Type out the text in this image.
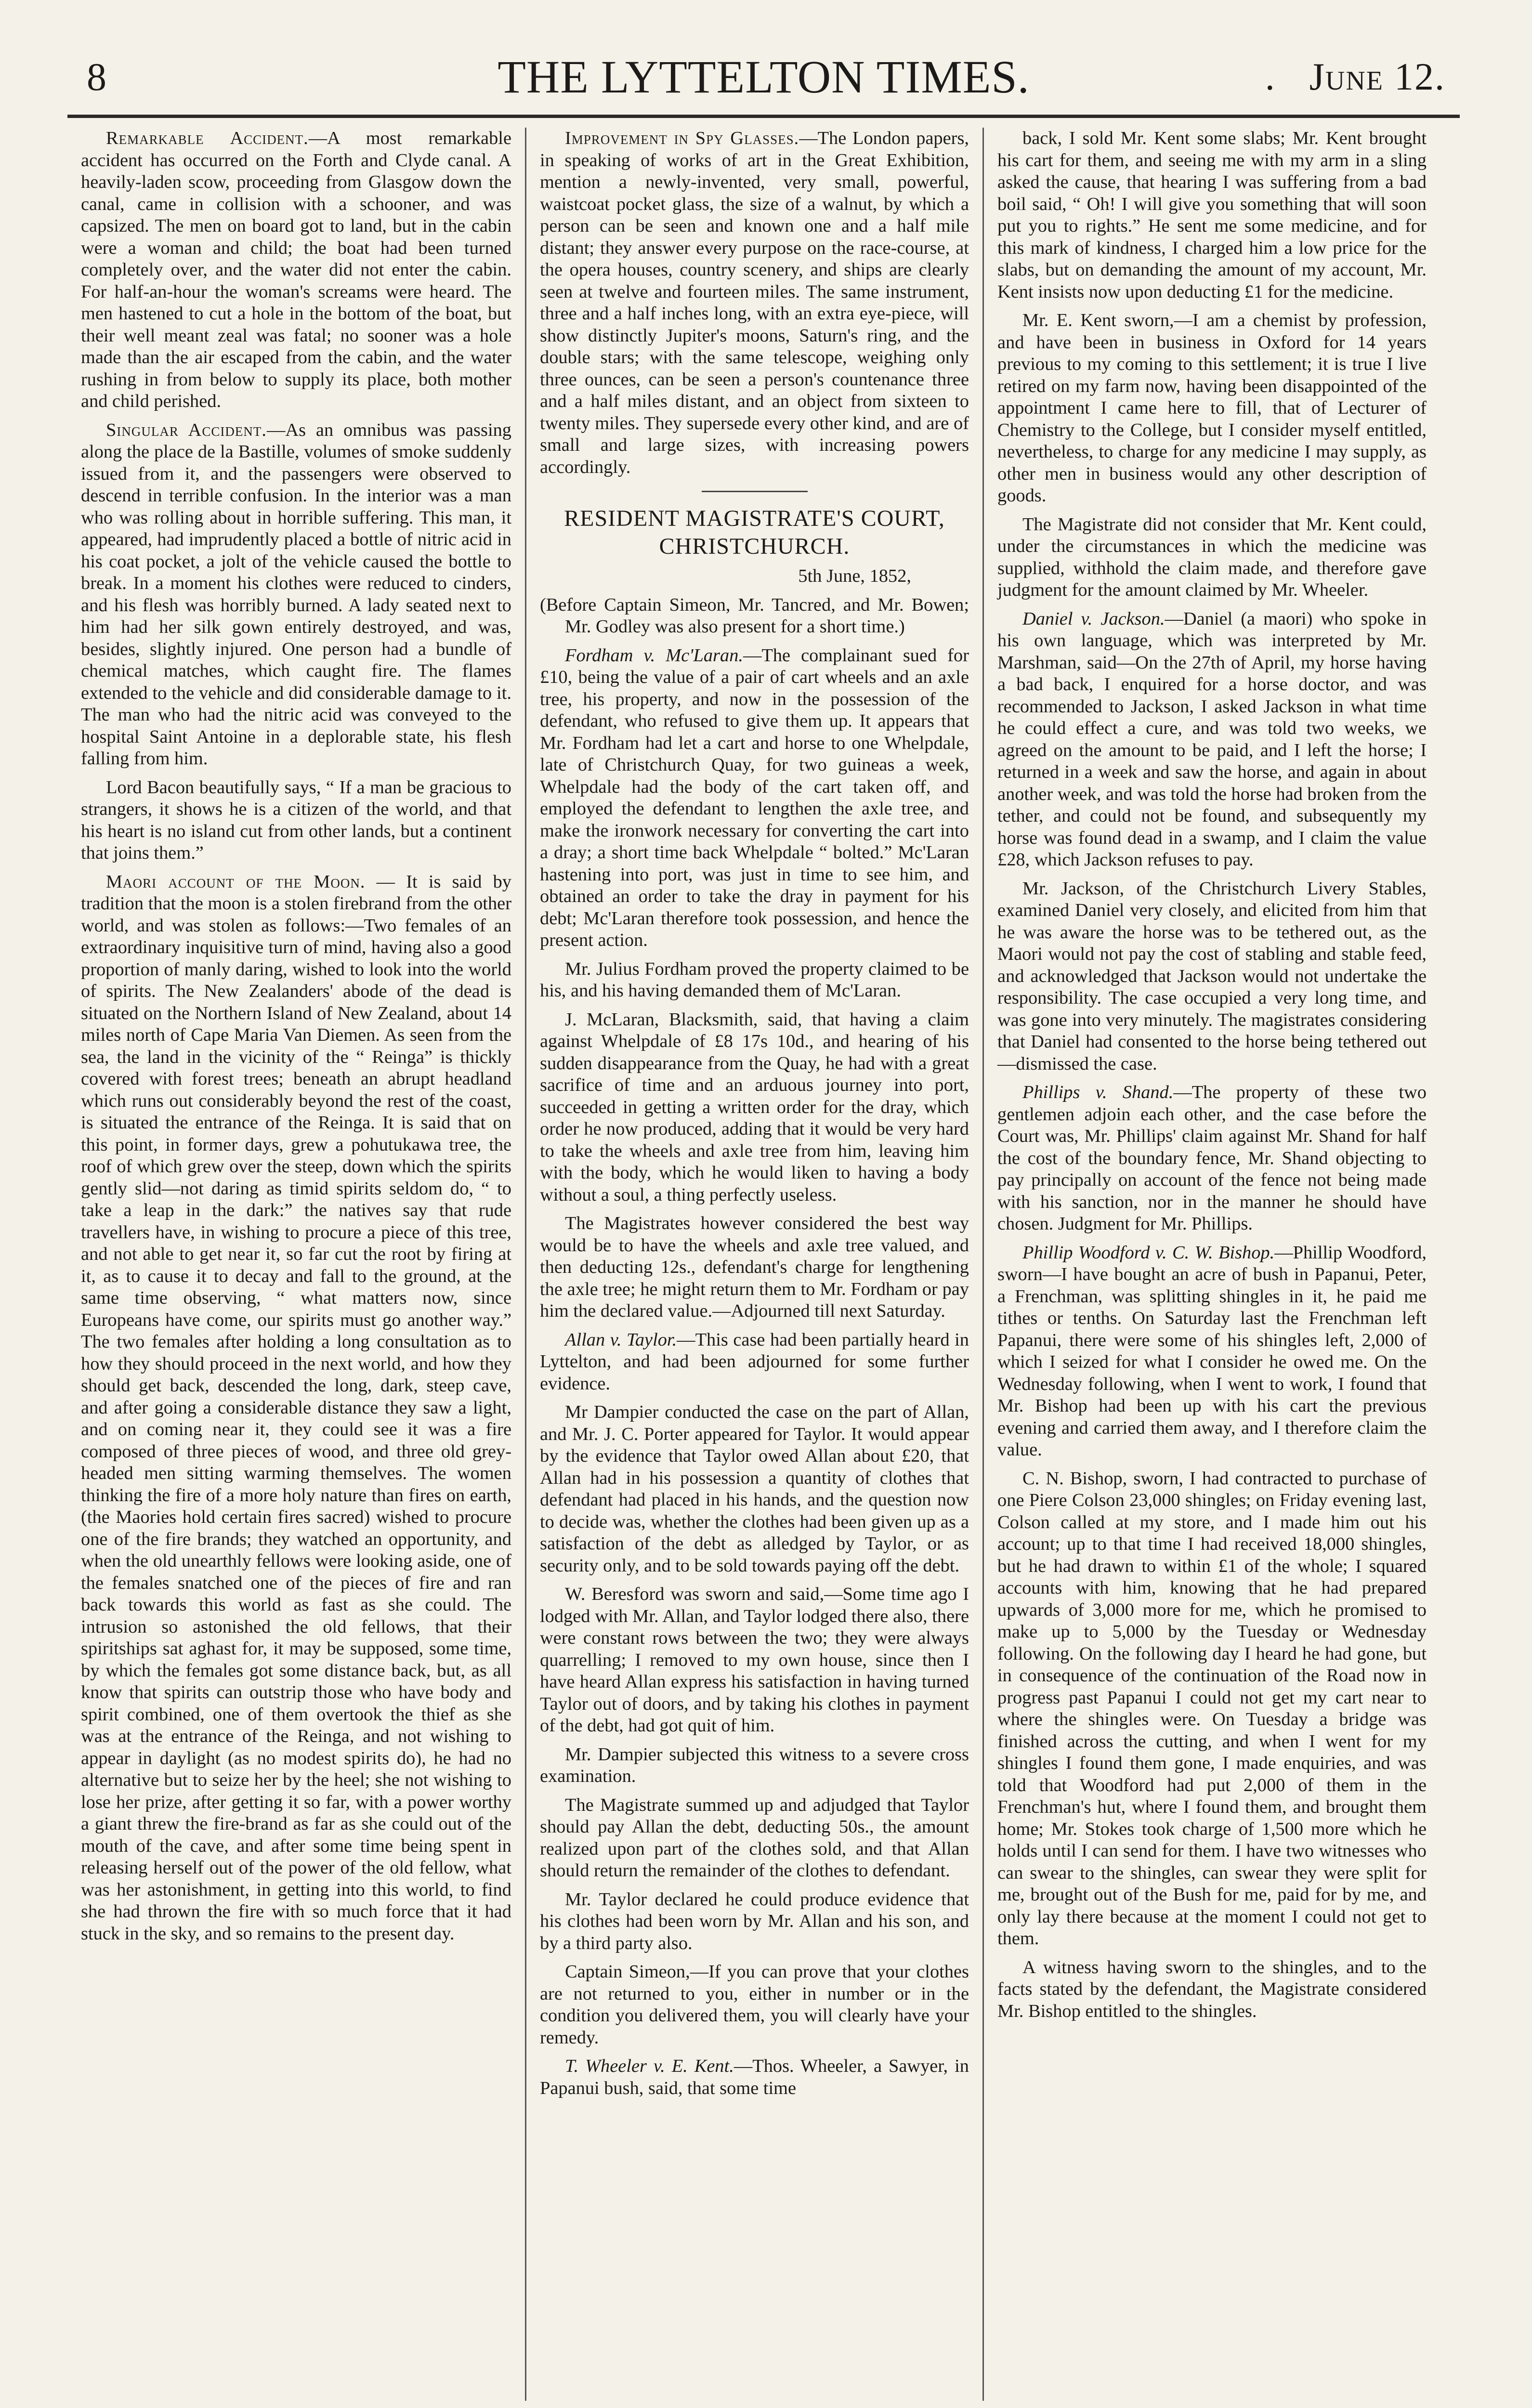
8	THE LYTTELTON TIMES.	. June 12.

Remarkable Accident.—A most remarkable accident has occurred on the Forth and Clyde canal. A heavily-laden scow, proceeding from Glasgow down the canal, came in collision with a schooner, and was capsized. The men on board got to land, but in the cabin were a woman and child; the boat had been turned completely over, and the water did not enter the cabin. For half-an-hour the woman's screams were heard. The men hastened to cut a hole in the bottom of the boat, but their well meant zeal was fatal; no sooner was a hole made than the air escaped from the cabin, and the water rushing in from below to supply its place, both mother and child perished.

Singular Accident.—As an omnibus was passing along the place de la Bastille, volumes of smoke suddenly issued from it, and the passengers were observed to descend in terrible confusion. In the interior was a man who was rolling about in horrible suffering. This man, it appeared, had imprudently placed a bottle of nitric acid in his coat pocket, a jolt of the vehicle caused the bottle to break. In a moment his clothes were reduced to cinders, and his flesh was horribly burned. A lady seated next to him had her silk gown entirely destroyed, and was, besides, slightly injured. One person had a bundle of chemical matches, which caught fire. The flames extended to the vehicle and did considerable damage to it. The man who had the nitric acid was conveyed to the hospital Saint Antoine in a deplorable state, his flesh falling from him.

Lord Bacon beautifully says, “ If a man be gracious to strangers, it shows he is a citizen of the world, and that his heart is no island cut from other lands, but a continent that joins them.”

Maori account of the Moon. — It is said by tradition that the moon is a stolen firebrand from the other world, and was stolen as follows:—Two females of an extraordinary inquisitive turn of mind, having also a good proportion of manly daring, wished to look into the world of spirits. The New Zealanders' abode of the dead is situated on the Northern Island of New Zealand, about 14 miles north of Cape Maria Van Diemen. As seen from the sea, the land in the vicinity of the “ Reinga” is thickly covered with forest trees; beneath an abrupt headland which runs out considerably beyond the rest of the coast, is situated the entrance of the Reinga. It is said that on this point, in former days, grew a pohutukawa tree, the roof of which grew over the steep, down which the spirits gently slid—not daring as timid spirits seldom do, “ to take a leap in the dark:” the natives say that rude travellers have, in wishing to procure a piece of this tree, and not able to get near it, so far cut the root by firing at it, as to cause it to decay and fall to the ground, at the same time observing, “ what matters now, since Europeans have come, our spirits must go another way.” The two females after holding a long consultation as to how they should proceed in the next world, and how they should get back, descended the long, dark, steep cave, and after going a considerable distance they saw a light, and on coming near it, they could see it was a fire composed of three pieces of wood, and three old grey-headed men sitting warming themselves. The women thinking the fire of a more holy nature than fires on earth, (the Maories hold certain fires sacred) wished to procure one of the fire brands; they watched an opportunity, and when the old unearthly fellows were looking aside, one of the females snatched one of the pieces of fire and ran back towards this world as fast as she could. The intrusion so astonished the old fellows, that their spiritships sat aghast for, it may be supposed, some time, by which the females got some distance back, but, as all know that spirits can outstrip those who have body and spirit combined, one of them overtook the thief as she was at the entrance of the Reinga, and not wishing to appear in daylight (as no modest spirits do), he had no alternative but to seize her by the heel; she not wishing to lose her prize, after getting it so far, with a power worthy a giant threw the fire-brand as far as she could out of the mouth of the cave, and after some time being spent in releasing herself out of the power of the old fellow, what was her astonishment, in getting into this world, to find she had thrown the fire with so much force that it had stuck in the sky, and so remains to the present day.

Improvement in Spy Glasses.—The London papers, in speaking of works of art in the Great Exhibition, mention a newly-invented, very small, powerful, waistcoat pocket glass, the size of a walnut, by which a person can be seen and known one and a half mile distant; they answer every purpose on the race-course, at the opera houses, country scenery, and ships are clearly seen at twelve and fourteen miles. The same instrument, three and a half inches long, with an extra eye-piece, will show distinctly Jupiter's moons, Saturn's ring, and the double stars; with the same telescope, weighing only three ounces, can be seen a person's countenance three and a half miles distant, and an object from sixteen to twenty miles. They supersede every other kind, and are of small and large sizes, with increasing powers accordingly.

RESIDENT MAGISTRATE'S COURT,
CHRISTCHURCH.

5th June, 1852,

(Before Captain Simeon, Mr. Tancred, and Mr. Bowen; Mr. Godley was also present for a short time.)

Fordham v. Mc'Laran.—The complainant sued for £10, being the value of a pair of cart wheels and an axle tree, his property, and now in the possession of the defendant, who refused to give them up. It appears that Mr. Fordham had let a cart and horse to one Whelpdale, late of Christchurch Quay, for two guineas a week, Whelpdale had the body of the cart taken off, and employed the defendant to lengthen the axle tree, and make the ironwork necessary for converting the cart into a dray; a short time back Whelpdale “ bolted.” Mc'Laran hastening into port, was just in time to see him, and obtained an order to take the dray in payment for his debt; Mc'Laran therefore took possession, and hence the present action.

Mr. Julius Fordham proved the property claimed to be his, and his having demanded them of Mc'Laran.

J. McLaran, Blacksmith, said, that having a claim against Whelpdale of £8 17s 10d., and hearing of his sudden disappearance from the Quay, he had with a great sacrifice of time and an arduous journey into port, succeeded in getting a written order for the dray, which order he now produced, adding that it would be very hard to take the wheels and axle tree from him, leaving him with the body, which he would liken to having a body without a soul, a thing perfectly useless.

The Magistrates however considered the best way would be to have the wheels and axle tree valued, and then deducting 12s., defendant's charge for lengthening the axle tree; he might return them to Mr. Fordham or pay him the declared value.—Adjourned till next Saturday.

Allan v. Taylor.—This case had been partially heard in Lyttelton, and had been adjourned for some further evidence.

Mr Dampier conducted the case on the part of Allan, and Mr. J. C. Porter appeared for Taylor. It would appear by the evidence that Taylor owed Allan about £20, that Allan had in his possession a quantity of clothes that defendant had placed in his hands, and the question now to decide was, whether the clothes had been given up as a satisfaction of the debt as alledged by Taylor, or as security only, and to be sold towards paying off the debt.

W. Beresford was sworn and said,—Some time ago I lodged with Mr. Allan, and Taylor lodged there also, there were constant rows between the two; they were always quarrelling; I removed to my own house, since then I have heard Allan express his satisfaction in having turned Taylor out of doors, and by taking his clothes in payment of the debt, had got quit of him.

Mr. Dampier subjected this witness to a severe cross examination.

The Magistrate summed up and adjudged that Taylor should pay Allan the debt, deducting 50s., the amount realized upon part of the clothes sold, and that Allan should return the remainder of the clothes to defendant.

Mr. Taylor declared he could produce evidence that his clothes had been worn by Mr. Allan and his son, and by a third party also.

Captain Simeon,—If you can prove that your clothes are not returned to you, either in number or in the condition you delivered them, you will clearly have your remedy.

T. Wheeler v. E. Kent.—Thos. Wheeler, a Sawyer, in Papanui bush, said, that some time

back, I sold Mr. Kent some slabs; Mr. Kent brought his cart for them, and seeing me with my arm in a sling asked the cause, that hearing I was suffering from a bad boil said, “ Oh! I will give you something that will soon put you to rights.” He sent me some medicine, and for this mark of kindness, I charged him a low price for the slabs, but on demanding the amount of my account, Mr. Kent insists now upon deducting £1 for the medicine.

Mr. E. Kent sworn,—I am a chemist by profession, and have been in business in Oxford for 14 years previous to my coming to this settlement; it is true I live retired on my farm now, having been disappointed of the appointment I came here to fill, that of Lecturer of Chemistry to the College, but I consider myself entitled, nevertheless, to charge for any medicine I may supply, as other men in business would any other description of goods.

The Magistrate did not consider that Mr. Kent could, under the circumstances in which the medicine was supplied, withhold the claim made, and therefore gave judgment for the amount claimed by Mr. Wheeler.

Daniel v. Jackson.—Daniel (a maori) who spoke in his own language, which was interpreted by Mr. Marshman, said—On the 27th of April, my horse having a bad back, I enquired for a horse doctor, and was recommended to Jackson, I asked Jackson in what time he could effect a cure, and was told two weeks, we agreed on the amount to be paid, and I left the horse; I returned in a week and saw the horse, and again in about another week, and was told the horse had broken from the tether, and could not be found, and subsequently my horse was found dead in a swamp, and I claim the value £28, which Jackson refuses to pay.

Mr. Jackson, of the Christchurch Livery Stables, examined Daniel very closely, and elicited from him that he was aware the horse was to be tethered out, as the Maori would not pay the cost of stabling and stable feed, and acknowledged that Jackson would not undertake the responsibility. The case occupied a very long time, and was gone into very minutely. The magistrates considering that Daniel had consented to the horse being tethered out—dismissed the case.

Phillips v. Shand.—The property of these two gentlemen adjoin each other, and the case before the Court was, Mr. Phillips' claim against Mr. Shand for half the cost of the boundary fence, Mr. Shand objecting to pay principally on account of the fence not being made with his sanction, nor in the manner he should have chosen. Judgment for Mr. Phillips.

Phillip Woodford v. C. W. Bishop.—Phillip Woodford, sworn—I have bought an acre of bush in Papanui, Peter, a Frenchman, was splitting shingles in it, he paid me tithes or tenths. On Saturday last the Frenchman left Papanui, there were some of his shingles left, 2,000 of which I seized for what I consider he owed me. On the Wednesday following, when I went to work, I found that Mr. Bishop had been up with his cart the previous evening and carried them away, and I therefore claim the value.

C. N. Bishop, sworn, I had contracted to purchase of one Piere Colson 23,000 shingles; on Friday evening last, Colson called at my store, and I made him out his account; up to that time I had received 18,000 shingles, but he had drawn to within £1 of the whole; I squared accounts with him, knowing that he had prepared upwards of 3,000 more for me, which he promised to make up to 5,000 by the Tuesday or Wednesday following. On the following day I heard he had gone, but in consequence of the continuation of the Road now in progress past Papanui I could not get my cart near to where the shingles were. On Tuesday a bridge was finished across the cutting, and when I went for my shingles I found them gone, I made enquiries, and was told that Woodford had put 2,000 of them in the Frenchman's hut, where I found them, and brought them home; Mr. Stokes took charge of 1,500 more which he holds until I can send for them. I have two witnesses who can swear to the shingles, can swear they were split for me, brought out of the Bush for me, paid for by me, and only lay there because at the moment I could not get to them.

A witness having sworn to the shingles, and to the facts stated by the defendant, the Magistrate considered Mr. Bishop entitled to the shingles.
